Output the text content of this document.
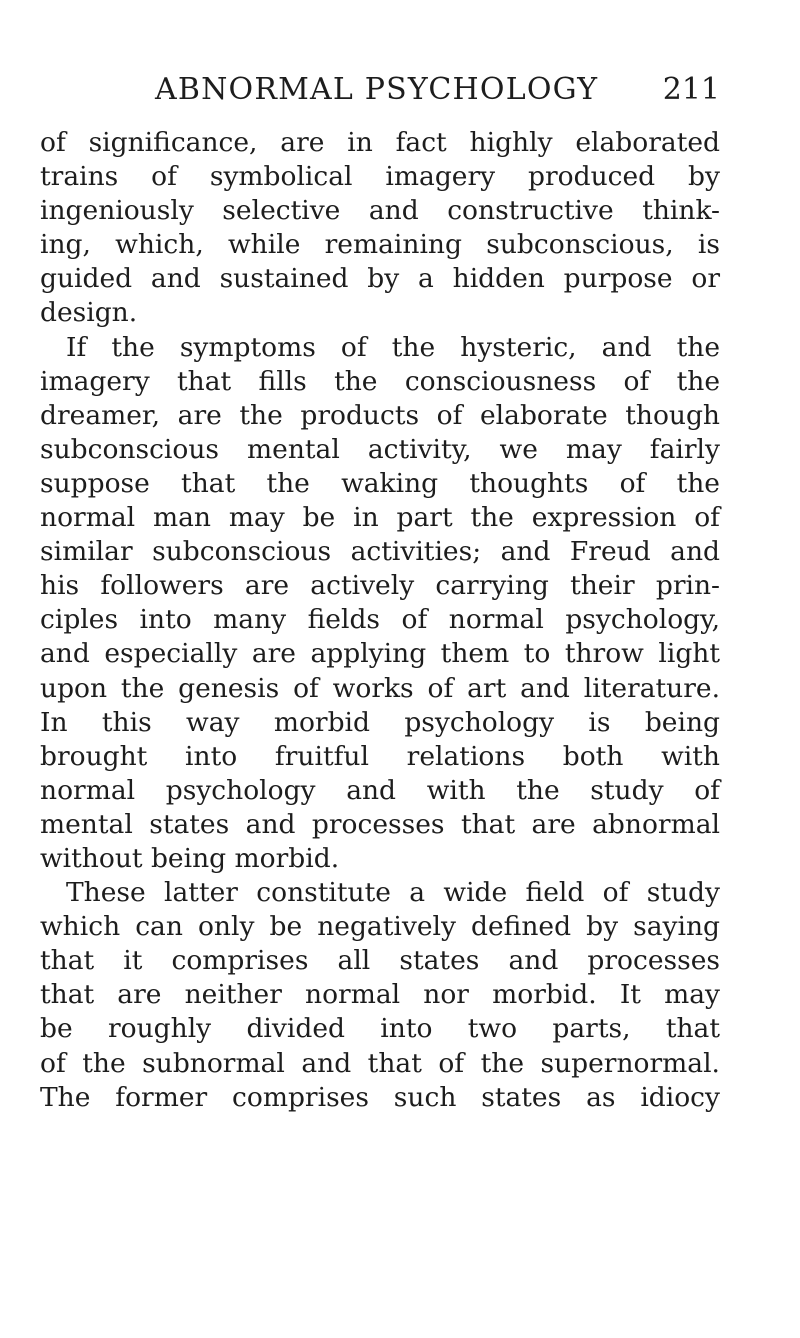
ABNORMAL PSYCHOLOGY 211
of significance, are in fact highly elaborated
trains of symbolical imagery produced by
ingeniously selective and constructive think-
ing, which, while remaining subconscious, is
guided and sustained by a hidden purpose or
design.
If the symptoms of the hysteric, and the
imagery that fills the consciousness of the
dreamer, are the products of elaborate though
subconscious mental activity, we may fairly
suppose that the waking thoughts of the
normal man may be in part the expression of
similar subconscious activities; and Freud and
his followers are actively carrying their prin-
ciples into many fields of normal psychology,
and especially are applying them to throw light
upon the genesis of works of art and literature.
In this way morbid psychology is being
brought into fruitful relations both with
normal psychology and with the study of
mental states and processes that are abnormal
without being morbid.
These latter constitute a wide field of study
which can only be negatively defined by saying
that it comprises all states and processes
that are neither normal nor morbid. It may
be roughly divided into two parts, that
of the subnormal and that of the supernormal.
The former comprises such states as idiocy
